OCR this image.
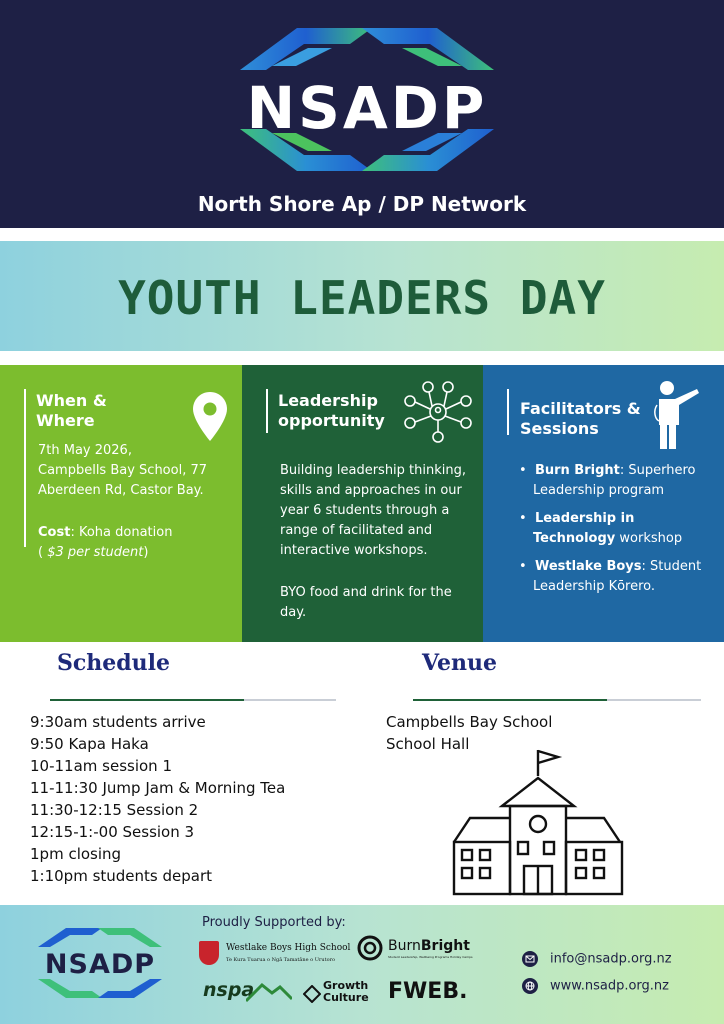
NSADP
North Shore Ap / DP Network
YOUTH LEADERS DAY
When &
Where
7th May 2026,
Campbells Bay School, 77
Aberdeen Rd, Castor Bay.
Cost: Koha donation
( $3 per student)
Leadership
opportunity
Building leadership thinking,
skills and approaches in our
year 6 students through a
range of facilitated and
interactive workshops.
BYO food and drink for the
day.
Facilitators &
Sessions
•  Burn Bright: Superhero
Leadership program
•  Leadership in
Technology workshop
•  Westlake Boys: Student
Leadership Kōrero.
Schedule
9:30am students arrive
9:50 Kapa Haka
10-11am session 1
11-11:30 Jump Jam & Morning Tea
11:30-12:15 Session 2
12:15-1:-00 Session 3
1pm closing
1:10pm students depart
Venue
Campbells Bay School
School Hall
NSADP
Proudly Supported by:
Westlake Boys High School
Te Kura Tuarua o Ngā Tamatāne o Urutoro
BurnBright
Student Leadership, Wellbeing Programs Holiday Camps
nspa	Growth
Culture FWEB.
info@nsadp.org.nz
www.nsadp.org.nz
